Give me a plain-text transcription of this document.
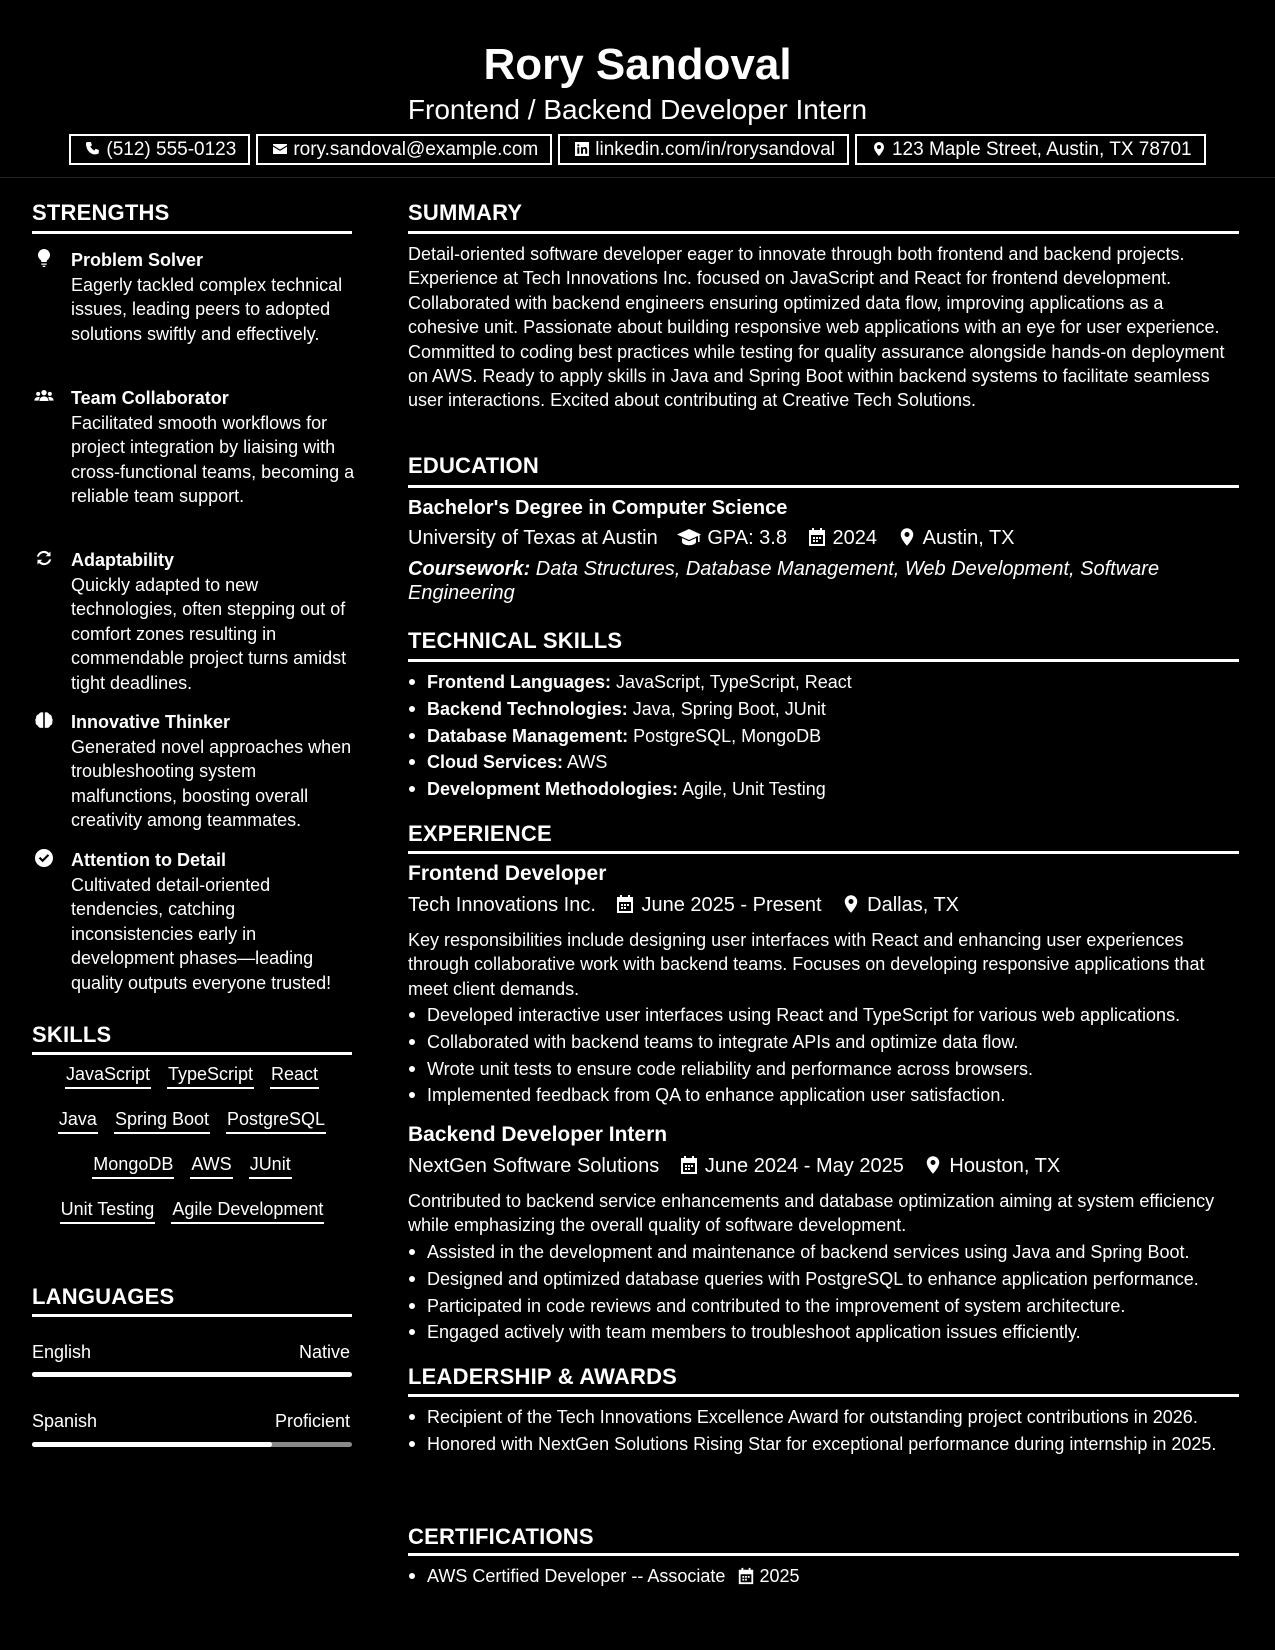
Rory Sandoval
Frontend / Backend Developer Intern
(512) 555-0123	rory.sandoval@example.com	linkedin.com/in/rorysandoval	123 Maple Street, Austin, TX 78701
STRENGTHS
Problem Solver
Eagerly tackled complex technical issues, leading peers to adopted solutions swiftly and effectively.
Team Collaborator
Facilitated smooth workflows for project integration by liaising with cross-functional teams, becoming a reliable team support.
Adaptability
Quickly adapted to new technologies, often stepping out of comfort zones resulting in commendable project turns amidst tight deadlines.
Innovative Thinker
Generated novel approaches when troubleshooting system malfunctions, boosting overall creativity among teammates.
Attention to Detail
Cultivated detail-oriented tendencies, catching inconsistencies early in development phases—leading quality outputs everyone trusted!
SKILLS
JavaScript TypeScript React
Java Spring Boot PostgreSQL
MongoDB AWS JUnit
Unit Testing Agile Development
LANGUAGES
English	Native
Spanish	Proficient
SUMMARY
Detail-oriented software developer eager to innovate through both frontend and backend projects. Experience at Tech Innovations Inc. focused on JavaScript and React for frontend development. Collaborated with backend engineers ensuring optimized data flow, improving applications as a cohesive unit. Passionate about building responsive web applications with an eye for user experience. Committed to coding best practices while testing for quality assurance alongside hands-on deployment on AWS. Ready to apply skills in Java and Spring Boot within backend systems to facilitate seamless user interactions. Excited about contributing at Creative Tech Solutions.
EDUCATION
Bachelor's Degree in Computer Science
University of Texas at Austin GPA: 3.8 2024 Austin, TX
Coursework: Data Structures, Database Management, Web Development, Software Engineering
TECHNICAL SKILLS
Frontend Languages: JavaScript, TypeScript, React
Backend Technologies: Java, Spring Boot, JUnit
Database Management: PostgreSQL, MongoDB
Cloud Services: AWS
Development Methodologies: Agile, Unit Testing
EXPERIENCE
Frontend Developer
Tech Innovations Inc. June 2025 - Present Dallas, TX
Key responsibilities include designing user interfaces with React and enhancing user experiences through collaborative work with backend teams. Focuses on developing responsive applications that meet client demands.
Developed interactive user interfaces using React and TypeScript for various web applications.
Collaborated with backend teams to integrate APIs and optimize data flow.
Wrote unit tests to ensure code reliability and performance across browsers.
Implemented feedback from QA to enhance application user satisfaction.
Backend Developer Intern
NextGen Software Solutions June 2024 - May 2025 Houston, TX
Contributed to backend service enhancements and database optimization aiming at system efficiency while emphasizing the overall quality of software development.
Assisted in the development and maintenance of backend services using Java and Spring Boot.
Designed and optimized database queries with PostgreSQL to enhance application performance.
Participated in code reviews and contributed to the improvement of system architecture.
Engaged actively with team members to troubleshoot application issues efficiently.
LEADERSHIP & AWARDS
Recipient of the Tech Innovations Excellence Award for outstanding project contributions in 2026.
Honored with NextGen Solutions Rising Star for exceptional performance during internship in 2025.
CERTIFICATIONS
AWS Certified Developer -- Associate 2025
